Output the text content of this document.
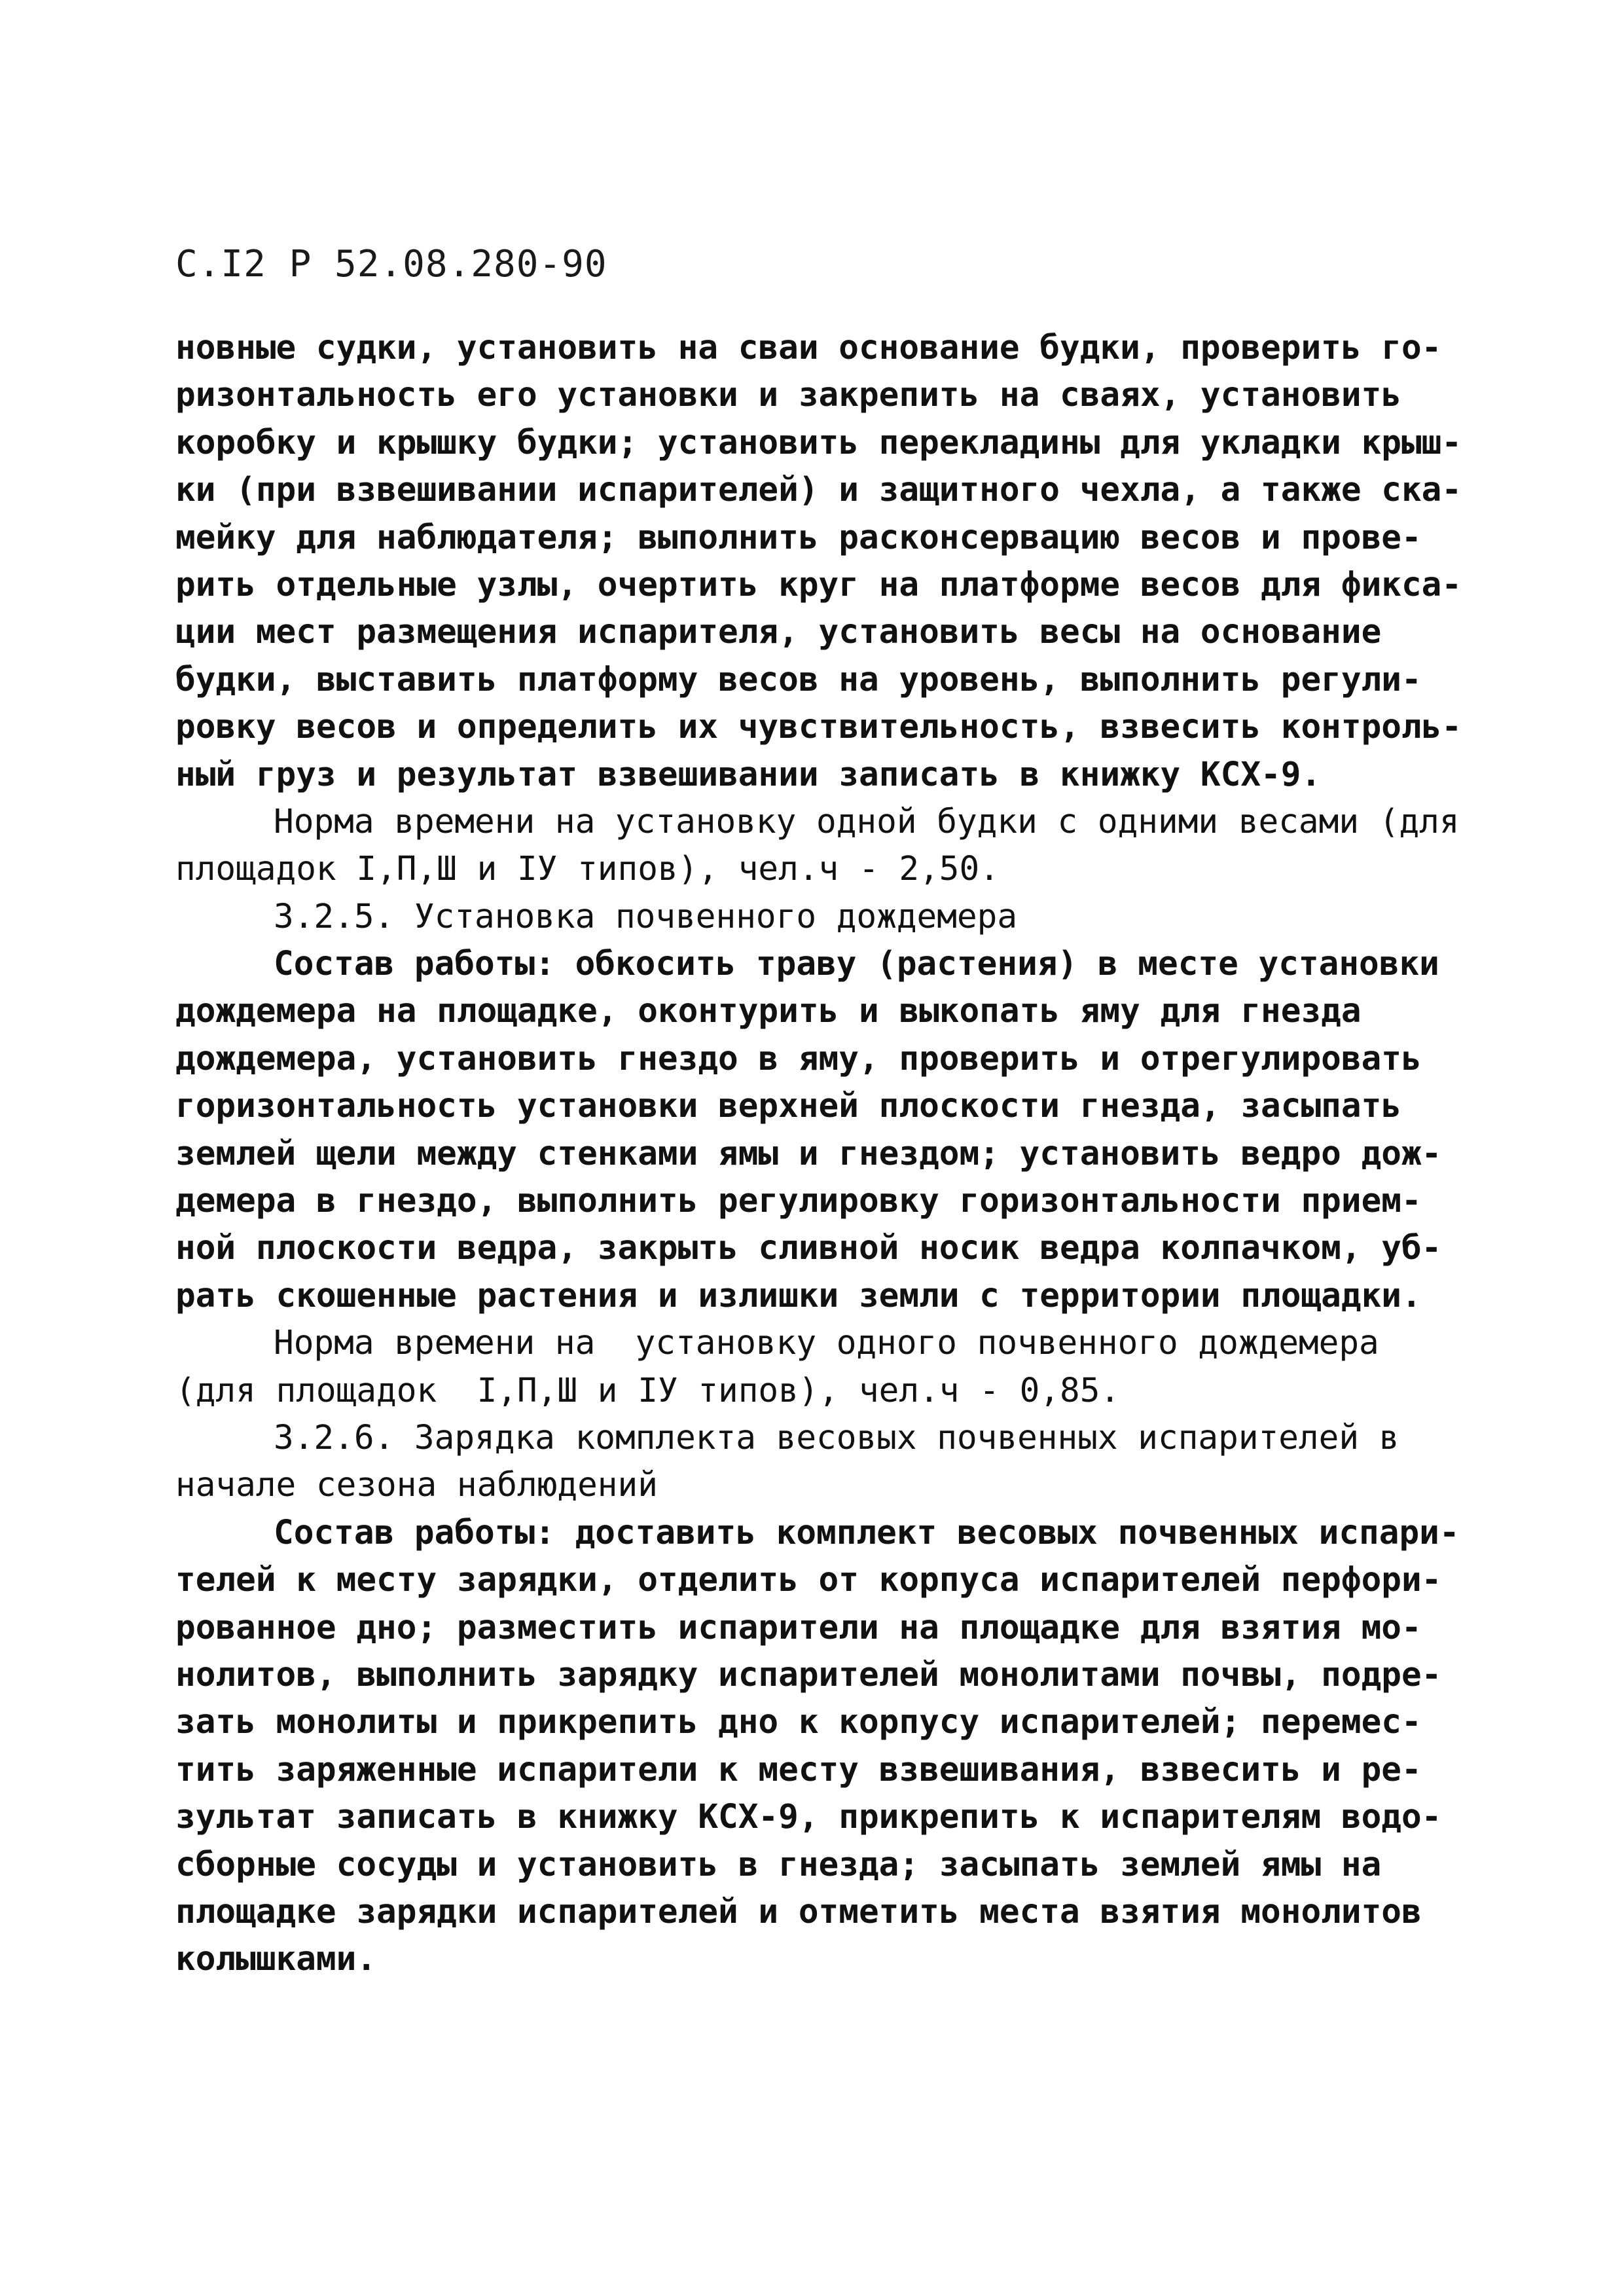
С.I2 Р 52.08.280-90
новные судки, установить на сваи основание будки, проверить го-
ризонтальность его установки и закрепить на сваях, установить
коробку и крышку будки; установить перекладины для укладки крыш-
ки (при взвешивании испарителей) и защитного чехла, а также ска-
мейку для наблюдателя; выполнить расконсервацию весов и прове-
рить отдельные узлы, очертить круг на платформе весов для фикса-
ции мест размещения испарителя, установить весы на основание
будки, выставить платформу весов на уровень, выполнить регули-
ровку весов и определить их чувствительность, взвесить контроль-
ный груз и результат взвешивании записать в книжку КСХ-9.
Норма времени на установку одной будки с одними весами (для
площадок I,П,Ш и IУ типов), чел.ч - 2,50.
3.2.5. Установка почвенного дождемера
Состав работы: обкосить траву (растения) в месте установки
дождемера на площадке, оконтурить и выкопать яму для гнезда
дождемера, установить гнездо в яму, проверить и отрегулировать
горизонтальность установки верхней плоскости гнезда, засыпать
землей щели между стенками ямы и гнездом; установить ведро дож-
демера в гнездо, выполнить регулировку горизонтальности прием-
ной плоскости ведра, закрыть сливной носик ведра колпачком, уб-
рать скошенные растения и излишки земли с территории площадки.
Норма времени на  установку одного почвенного дождемера
(для площадок  I,П,Ш и IУ типов), чел.ч - 0,85.
3.2.6. Зарядка комплекта весовых почвенных испарителей в
начале сезона наблюдений
Состав работы: доставить комплект весовых почвенных испари-
телей к месту зарядки, отделить от корпуса испарителей перфори-
рованное дно; разместить испарители на площадке для взятия мо-
нолитов, выполнить зарядку испарителей монолитами почвы, подре-
зать монолиты и прикрепить дно к корпусу испарителей; перемес-
тить заряженные испарители к месту взвешивания, взвесить и ре-
зультат записать в книжку КСХ-9, прикрепить к испарителям водо-
сборные сосуды и установить в гнезда; засыпать землей ямы на
площадке зарядки испарителей и отметить места взятия монолитов
колышками.
